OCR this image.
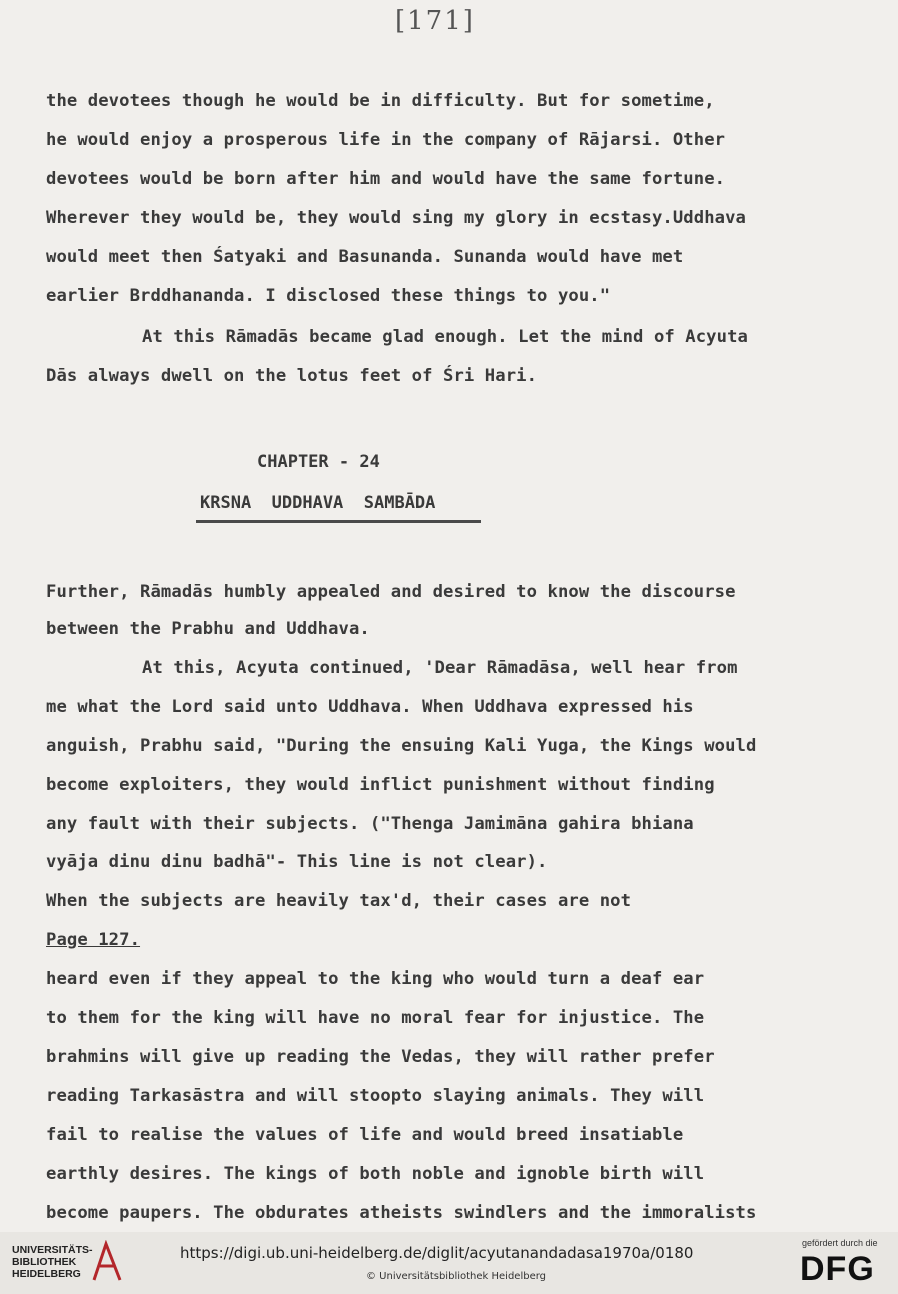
[171]
the devotees though he would be in difficulty. But for sometime,
he would enjoy a prosperous life in the company of Rājarsi. Other
devotees would be born after him and would have the same fortune.
Wherever they would be, they would sing my glory in ecstasy.Uddhava
would meet then Śatyaki and Basunanda. Sunanda would have met
earlier Brddhananda. I disclosed these things to you."
At this Rāmadās became glad enough. Let the mind of Acyuta
Dās always dwell on the lotus feet of Śri Hari.
CHAPTER - 24
KRSNA  UDDHAVA  SAMBĀDA
Further, Rāmadās humbly appealed and desired to know the discourse
between the Prabhu and Uddhava.
At this, Acyuta continued, 'Dear Rāmadāsa, well hear from
me what the Lord said unto Uddhava. When Uddhava expressed his
anguish, Prabhu said, "During the ensuing Kali Yuga, the Kings would
become exploiters, they would inflict punishment without finding
any fault with their subjects. ("Thenga Jamimāna gahira bhiana
vyāja dinu dinu badhā"- This line is not clear).
When the subjects are heavily tax'd, their cases are not
Page 127.
heard even if they appeal to the king who would turn a deaf ear
to them for the king will have no moral fear for injustice. The
brahmins will give up reading the Vedas, they will rather prefer
reading Tarkasāstra and will stoopto slaying animals. They will
fail to realise the values of life and would breed insatiable
earthly desires. The kings of both noble and ignoble birth will
become paupers. The obdurates atheists swindlers and the immoralists
UNIVERSITÄTS-
BIBLIOTHEK
HEIDELBERG
https://digi.ub.uni-heidelberg.de/diglit/acyutanandadasa1970a/0180
© Universitätsbibliothek Heidelberg
gefördert durch die
DFG
